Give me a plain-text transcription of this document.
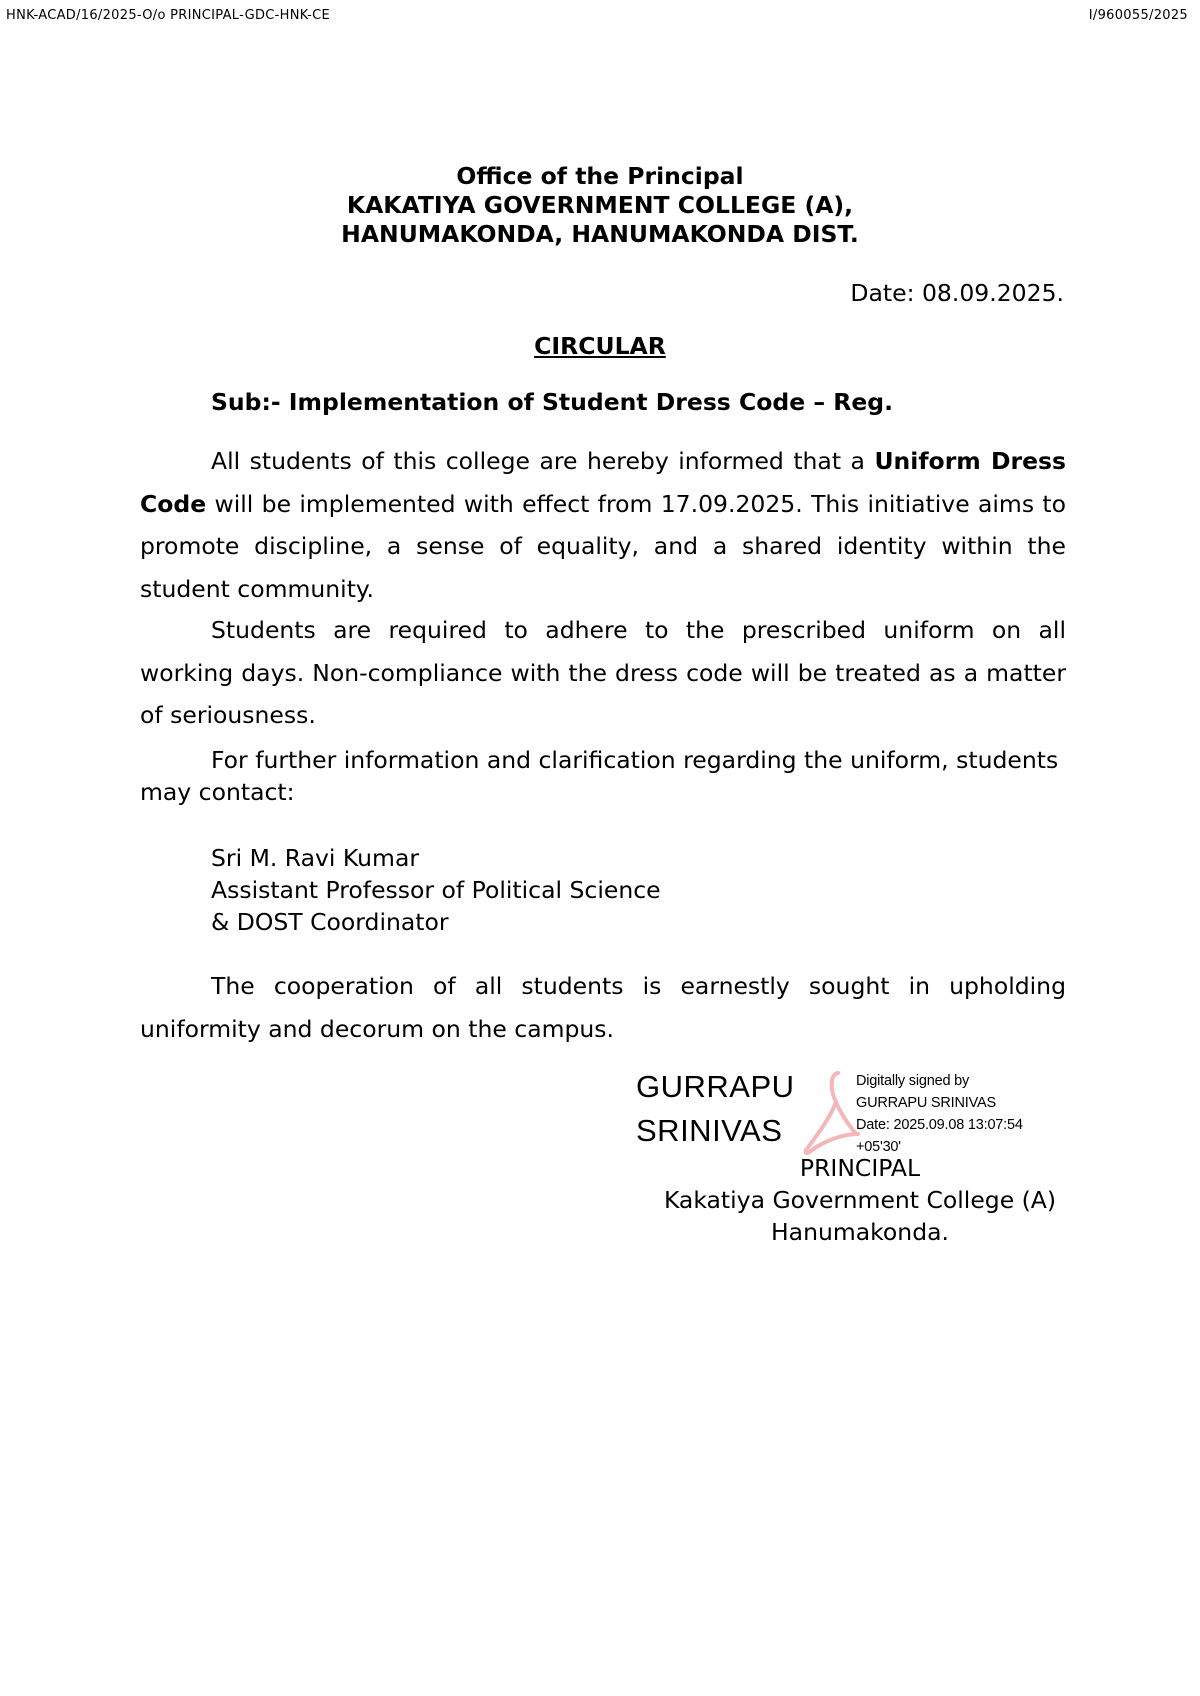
HNK-ACAD/16/2025-O/o PRINCIPAL-GDC-HNK-CE	I/960055/2025
Office of the Principal
KAKATIYA GOVERNMENT COLLEGE (A),
HANUMAKONDA, HANUMAKONDA DIST.
Date: 08.09.2025.
CIRCULAR
Sub:- Implementation of Student Dress Code – Reg.

All students of this college are hereby informed that a Uniform Dress Code will be implemented with effect from 17.09.2025. This initiative aims to promote discipline, a sense of equality, and a shared identity within the student community.

Students are required to adhere to the prescribed uniform on all working days. Non-compliance with the dress code will be treated as a matter of seriousness.

For further information and clarification regarding the uniform, students may contact:

Sri M. Ravi Kumar
Assistant Professor of Political Science
& DOST Coordinator

The cooperation of all students is earnestly sought in upholding uniformity and decorum on the campus.

GURRAPU
SRINIVAS
Digitally signed by
GURRAPU SRINIVAS
Date: 2025.09.08 13:07:54
+05'30'
PRINCIPAL
Kakatiya Government College (A)
Hanumakonda.
